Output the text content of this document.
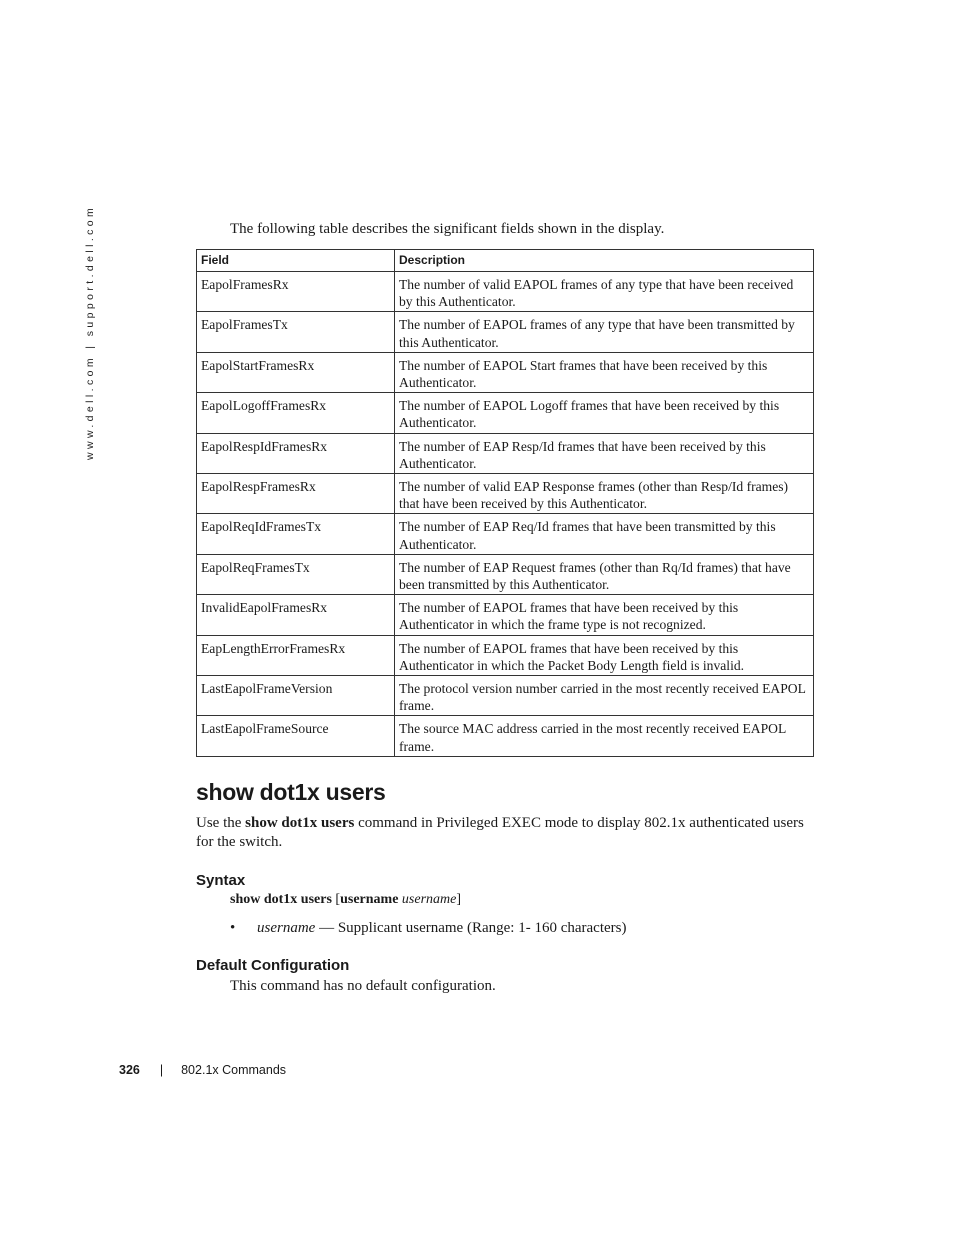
www.dell.com | support.dell.com	The following table describes the significant fields shown in the display.

Field	Description
EapolFramesRx	The number of valid EAPOL frames of any type that have been received by this Authenticator.
EapolFramesTx	The number of EAPOL frames of any type that have been transmitted by this Authenticator.
EapolStartFramesRx	The number of EAPOL Start frames that have been received by this Authenticator.
EapolLogoffFramesRx	The number of EAPOL Logoff frames that have been received by this Authenticator.
EapolRespIdFramesRx	The number of EAP Resp/Id frames that have been received by this Authenticator.
EapolRespFramesRx	The number of valid EAP Response frames (other than Resp/Id frames) that have been received by this Authenticator.
EapolReqIdFramesTx	The number of EAP Req/Id frames that have been transmitted by this Authenticator.
EapolReqFramesTx	The number of EAP Request frames (other than Rq/Id frames) that have been transmitted by this Authenticator.
InvalidEapolFramesRx	The number of EAPOL frames that have been received by this Authenticator in which the frame type is not recognized.
EapLengthErrorFramesRx	The number of EAPOL frames that have been received by this Authenticator in which the Packet Body Length field is invalid.
LastEapolFrameVersion	The protocol version number carried in the most recently received EAPOL frame.
LastEapolFrameSource	The source MAC address carried in the most recently received EAPOL frame.
show dot1x users

Use the show dot1x users command in Privileged EXEC mode to display 802.1x authenticated users for the switch.

Syntax

show dot1x users [username username]

•	username — Supplicant username (Range: 1- 160 characters)

Default Configuration

This command has no default configuration.

326 | 802.1x Commands
